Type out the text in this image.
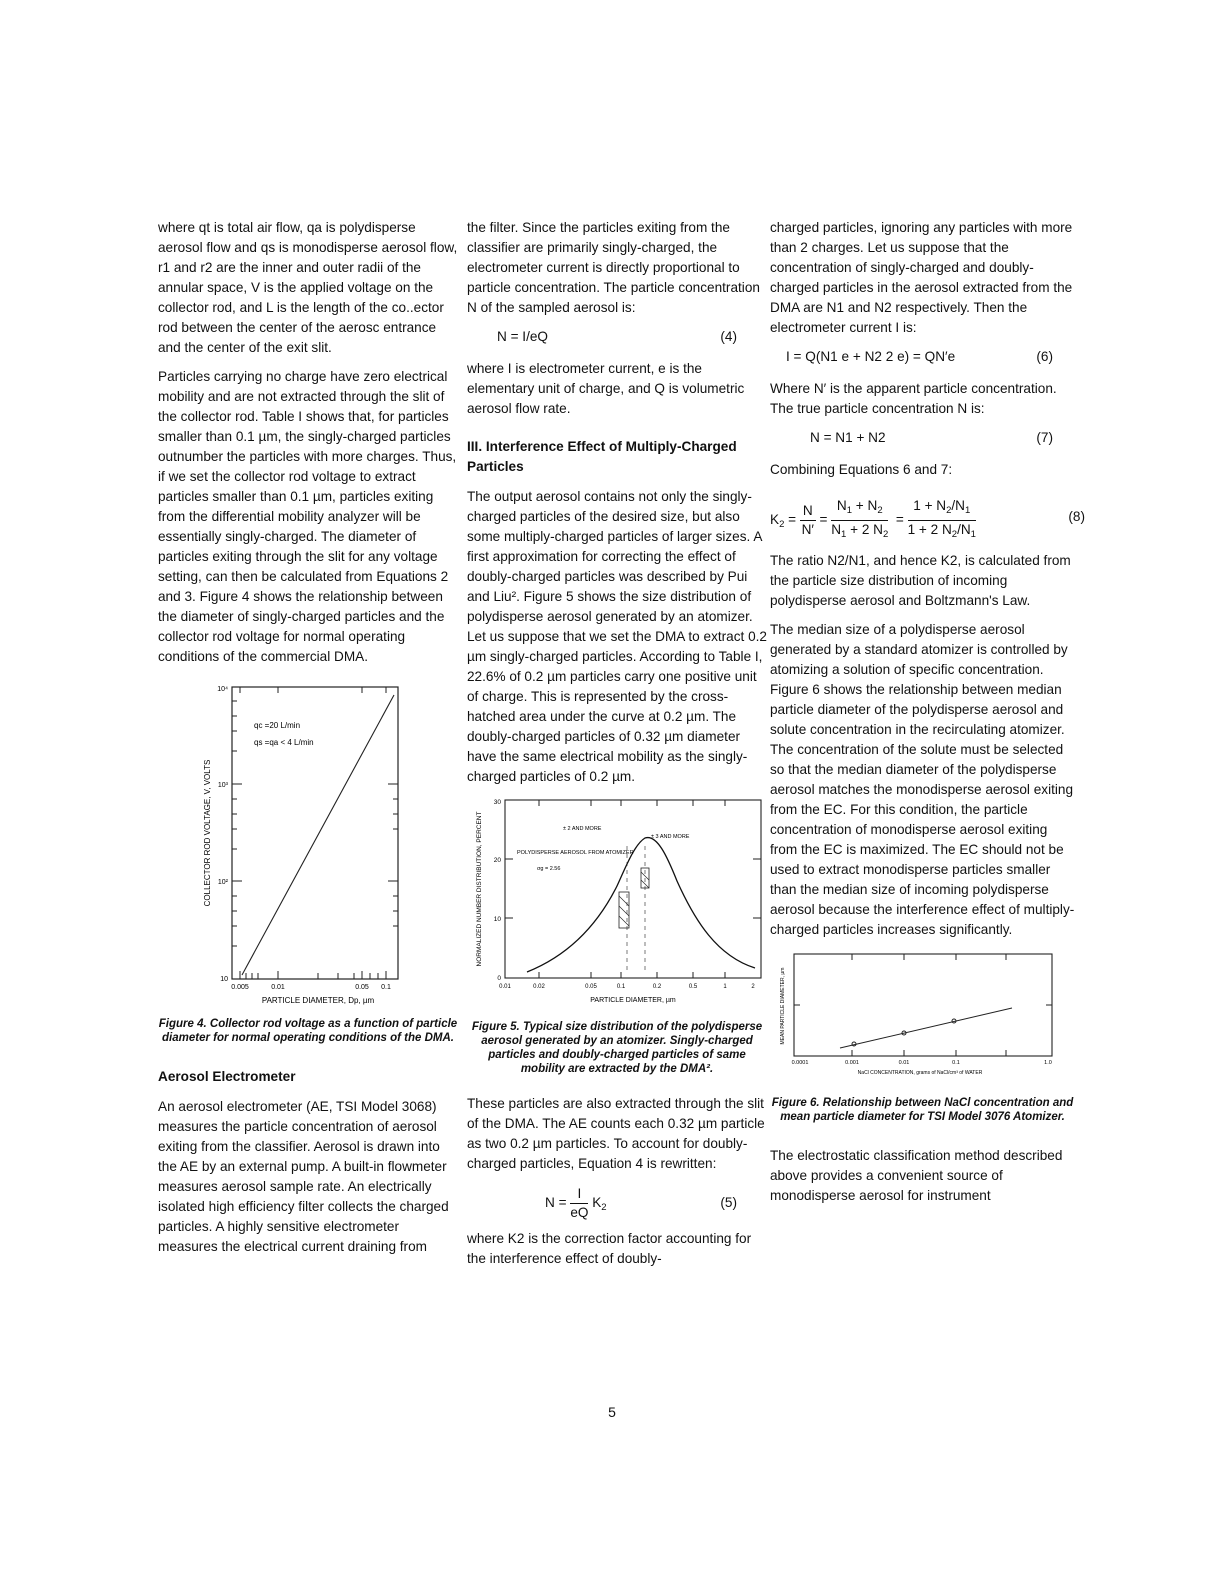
where qt is total air flow, qa is polydisperse aerosol flow and qs is monodisperse aerosol flow, r1 and r2 are the inner and outer radii of the annular space, V is the applied voltage on the collector rod, and L is the length of the co..ector rod between the center of the aerosc entrance and the center of the exit slit.

Particles carrying no charge have zero electrical mobility and are not extracted through the slit of the collector rod. Table I shows that, for particles smaller than 0.1 µm, the singly-charged particles outnumber the particles with more charges. Thus, if we set the collector rod voltage to extract particles smaller than 0.1 µm, particles exiting from the differential mobility analyzer will be essentially singly-charged. The diameter of particles exiting through the slit for any voltage setting, can then be calculated from Equations 2 and 3. Figure 4 shows the relationship between the diameter of singly-charged particles and the collector rod voltage for normal operating conditions of the commercial DMA.

10⁴
10³
10²
10
0.005	0.01	0.05 0.1
PARTICLE DIAMETER, Dp, µm
COLLECTOR ROD VOLTAGE, V, VOLTS
qc =20 L/min
qs =qa < 4 L/min
Figure 4. Collector rod voltage as a function of particle diameter for normal operating conditions of the DMA.
Aerosol Electrometer

An aerosol electrometer (AE, TSI Model 3068) measures the particle concentration of aerosol exiting from the classifier. Aerosol is drawn into the AE by an external pump. A built-in flowmeter measures aerosol sample rate. An electrically isolated high efficiency filter collects the charged particles. A highly sensitive electrometer measures the electrical current draining from

the filter. Since the particles exiting from the classifier are primarily singly-charged, the electrometer current is directly proportional to particle concentration. The particle concentration N of the sampled aerosol is:

N = I/eQ	(4)

where I is electrometer current, e is the elementary unit of charge, and Q is volumetric aerosol flow rate.

III. Interference Effect of Multiply-Charged Particles

The output aerosol contains not only the singly-charged particles of the desired size, but also some multiply-charged particles of larger sizes. A first approximation for correcting the effect of doubly-charged particles was described by Pui and Liu². Figure 5 shows the size distribution of polydisperse aerosol generated by an atomizer. Let us suppose that we set the DMA to extract 0.2 µm singly-charged particles. According to Table I, 22.6% of 0.2 µm particles carry one positive unit of charge. This is represented by the cross-hatched area under the curve at 0.2 µm. The doubly-charged particles of 0.32 µm diameter have the same electrical mobility as the singly-charged particles of 0.2 µm.

30
20
10
0
0.01	0.02	0.05	0.1	0.2	0.5	1	2
PARTICLE DIAMETER, µm
NORMALIZED NUMBER DISTRIBUTION, PERCENT	± 2 AND MORE
± 3 AND MORE
POLYDISPERSE AEROSOL FROM ATOMIZER
σg = 2.56
Figure 5. Typical size distribution of the polydisperse aerosol generated by an atomizer. Singly-charged particles and doubly-charged particles of same mobility are extracted by the DMA².

These particles are also extracted through the slit of the DMA. The AE counts each 0.32 µm particle as two 0.2 µm particles. To account for doubly-charged particles, Equation 4 is rewritten:

$N = \frac{I}{eQ} K_2$	(5)

where K2 is the correction factor accounting for the interference effect of doubly-

charged particles, ignoring any particles with more than 2 charges. Let us suppose that the concentration of singly-charged and doubly-charged particles in the aerosol extracted from the DMA are N1 and N2 respectively. Then the electrometer current I is:

I = Q(N1 e + N2 2 e) = QN′e	(6)

Where N′ is the apparent particle concentration. The true particle concentration N is:

N = N1 + N2	(7)

Combining Equations 6 and 7:

$K_2 = \frac{N}{N'} = \frac{N_1 + N_2}{N_1 + 2 N_2} = \frac{1 + N_2/N_1}{1 + 2 N_2/N_1}$	(8)

The ratio N2/N1, and hence K2, is calculated from the particle size distribution of incoming polydisperse aerosol and Boltzmann's Law.

The median size of a polydisperse aerosol generated by a standard atomizer is controlled by atomizing a solution of specific concentration. Figure 6 shows the relationship between median particle diameter of the polydisperse aerosol and solute concentration in the recirculating atomizer. The concentration of the solute must be selected so that the median diameter of the polydisperse aerosol matches the monodisperse aerosol exiting from the EC. For this condition, the particle concentration of monodisperse aerosol exiting from the EC is maximized. The EC should not be used to extract monodisperse particles smaller than the median size of incoming polydisperse aerosol because the interference effect of multiply-charged particles increases significantly.

0.0001	0.001	0.01	0.1	1.0
NaCl CONCENTRATION, grams of NaCl/cm³ of WATER
MEAN PARTICLE DIAMETER, µm
Figure 6. Relationship between NaCl concentration and mean particle diameter for TSI Model 3076 Atomizer.

The electrostatic classification method described above provides a convenient source of monodisperse aerosol for instrument

5
